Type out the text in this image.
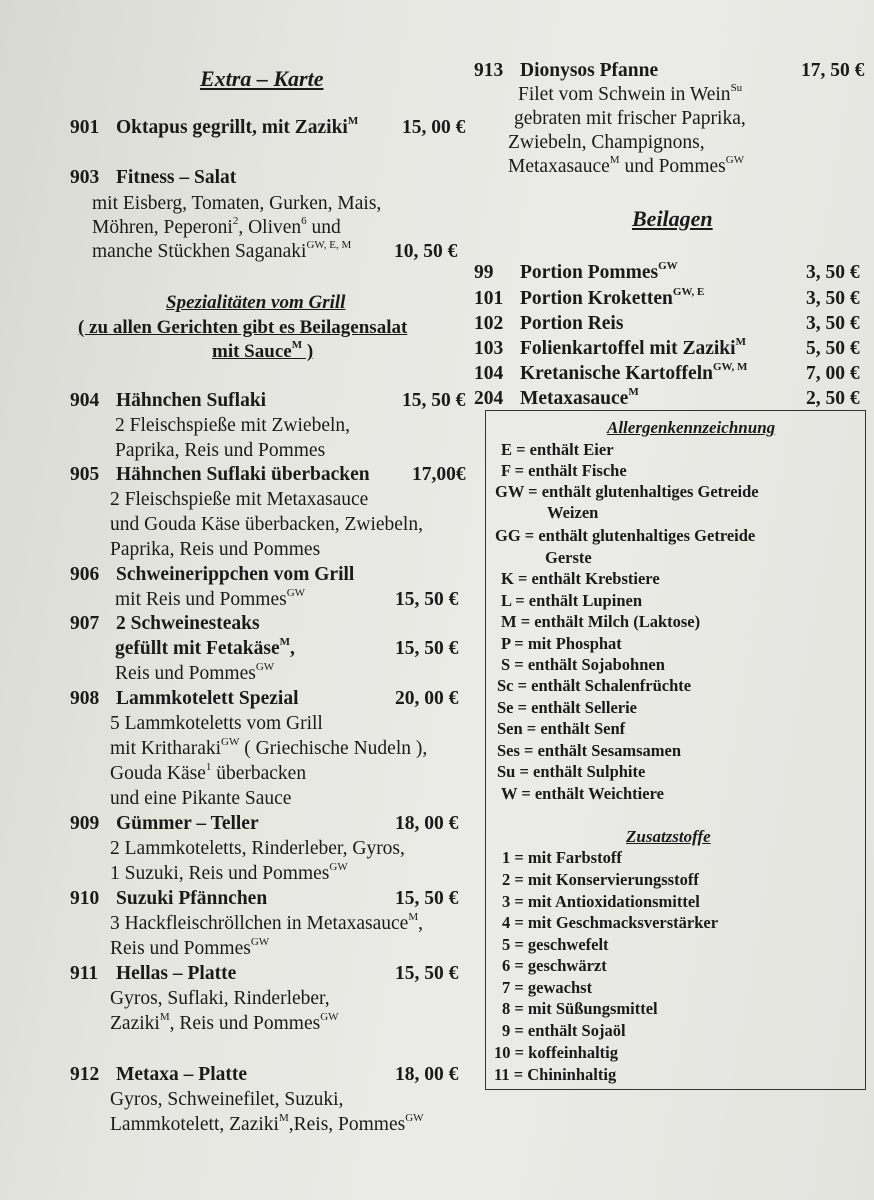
Extra – Karte
901 Oktapus gegrillt, mit Zaziki$^M$ 15, 00 €
903 Fitness – Salat
mit Eisberg, Tomaten, Gurken, Mais,
Möhren, Peperoni$^2$, Oliven$^6$ und
manche Stückhen Saganaki$^{GW, E, M}$ 10, 50 €
Spezialitäten vom Grill
( zu allen Gerichten gibt es Beilagensalat
mit Sauce$^M$ )
904 Hähnchen Suflaki	15, 50 €
2 Fleischspieße mit Zwiebeln,
Paprika, Reis und Pommes
905 Hähnchen Suflaki überbacken 17,00€
2 Fleischspieße mit Metaxasauce
und Gouda Käse überbacken, Zwiebeln,
Paprika, Reis und Pommes
906 Schweinerippchen vom Grill
mit Reis und Pommes$^{GW}$	15, 50 €
907 2 Schweinesteaks
gefüllt mit Fetakäse$^M$,	15, 50 €
Reis und Pommes$^{GW}$
908 Lammkotelett Spezial	20, 00 €
5 Lammkoteletts vom Grill
mit Kritharaki$^{GW}$ ( Griechische Nudeln ),
Gouda Käse$^1$ überbacken
und eine Pikante Sauce
909 Gümmer – Teller	18, 00 €
2 Lammkoteletts, Rinderleber, Gyros,
1 Suzuki, Reis und Pommes$^{GW}$
910 Suzuki Pfännchen	15, 50 €
3 Hackfleischröllchen in Metaxasauce$^M$,
Reis und Pommes$^{GW}$
911 Hellas – Platte	15, 50 €
Gyros, Suflaki, Rinderleber,
Zaziki$^M$, Reis und Pommes$^{GW}$
912 Metaxa – Platte	18, 00 €
Gyros, Schweinefilet, Suzuki,
Lammkotelett, Zaziki$^M$,Reis, Pommes$^{GW}$
913 Dionysos Pfanne	17, 50 €
Filet vom Schwein in Wein$^{Su}$
gebraten mit frischer Paprika,
Zwiebeln, Champignons,
Metaxasauce$^M$ und Pommes$^{GW}$
Beilagen
99 Portion Pommes$^{GW}$	3, 50 €
101 Portion Kroketten$^{GW, E}$	3, 50 €
102 Portion Reis	3, 50 €
103 Folienkartoffel mit Zaziki$^M$	5, 50 €
104 Kretanische Kartoffeln$^{GW, M}$	7, 00 €
204 Metaxasauce$^M$	2, 50 €
Allergenkennzeichnung
E = enthält Eier
F = enthält Fische
GW = enthält glutenhaltiges Getreide
Weizen
GG = enthält glutenhaltiges Getreide
Gerste
K = enthält Krebstiere
L = enthält Lupinen
M = enthält Milch (Laktose)
P = mit Phosphat
S = enthält Sojabohnen
Sc = enthält Schalenfrüchte
Se = enthält Sellerie
Sen = enthält Senf
Ses = enthält Sesamsamen
Su = enthält Sulphite
W = enthält Weichtiere
Zusatzstoffe
1 = mit Farbstoff
2 = mit Konservierungsstoff
3 = mit Antioxidationsmittel
4 = mit Geschmacksverstärker
5 = geschwefelt
6 = geschwärzt
7 = gewachst
8 = mit Süßungsmittel
9 = enthält Sojaöl
10 = koffeinhaltig
11 = Chininhaltig
